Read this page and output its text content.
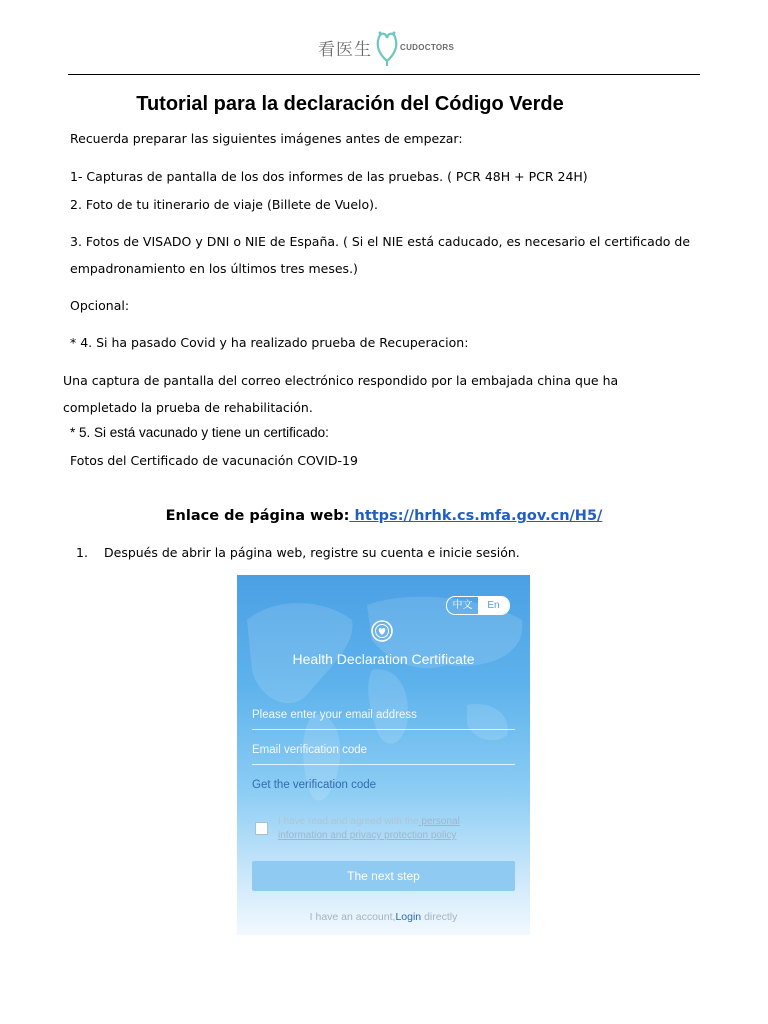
看医生	CUDOCTORS
Tutorial para la declaración del Código Verde
Recuerda preparar las siguientes imágenes antes de empezar:
1- Capturas de pantalla de los dos informes de las pruebas. ( PCR 48H + PCR 24H)
2. Foto de tu itinerario de viaje (Billete de Vuelo).
3. Fotos de VISADO y DNI o NIE de España. ( Si el NIE está caducado, es necesario el certificado de
empadronamiento en los últimos tres meses.)
Opcional:
* 4. Si ha pasado Covid y ha realizado prueba de Recuperacion:
Una captura de pantalla del correo electrónico respondido por la embajada china que ha
completado la prueba de rehabilitación.
* 5. Si está vacunado y tiene un certificado:
Fotos del Certificado de vacunación COVID-19
Enlace de página web: https://hrhk.cs.mfa.gov.cn/H5/
1. Después de abrir la página web, registre su cuenta e inicie sesión.
中文	En
Health Declaration Certificate
Please enter your email address
Email verification code
Get the verification code
I have read and agreed with the personal information and privacy protection policy
The next step
I have an account,Login directly
